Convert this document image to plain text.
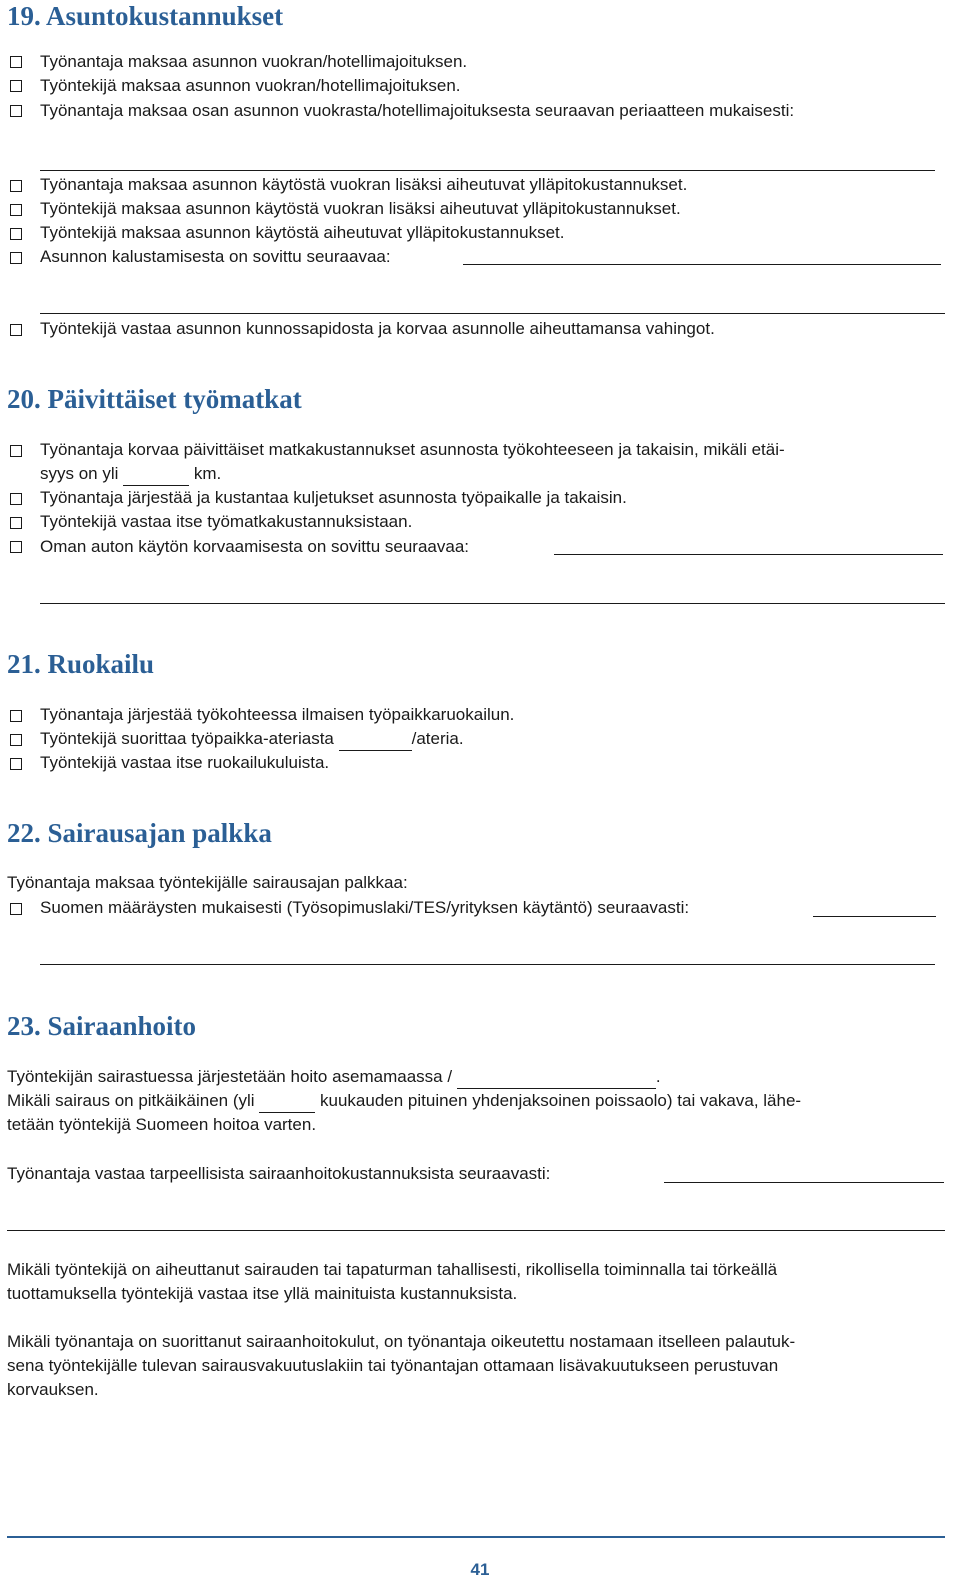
19. Asuntokustannukset
Työnantaja maksaa asunnon vuokran/hotellimajoituksen.
Työntekijä maksaa asunnon vuokran/hotellimajoituksen.
Työnantaja maksaa osan asunnon vuokrasta/hotellimajoituksesta seuraavan periaatteen mukaisesti:
Työnantaja maksaa asunnon käytöstä vuokran lisäksi aiheutuvat ylläpitokustannukset.
Työntekijä maksaa asunnon käytöstä vuokran lisäksi aiheutuvat ylläpitokustannukset.
Työntekijä maksaa asunnon käytöstä aiheutuvat ylläpitokustannukset.
Asunnon kalustamisesta on sovittu seuraavaa:
Työntekijä vastaa asunnon kunnossapidosta ja korvaa asunnolle aiheuttamansa vahingot.
20. Päivittäiset työmatkat
Työnantaja korvaa päivittäiset matkakustannukset asunnosta työkohteeseen ja takaisin, mikäli etäi-
syys on yli	km.
Työnantaja järjestää ja kustantaa kuljetukset asunnosta työpaikalle ja takaisin.
Työntekijä vastaa itse työmatkakustannuksistaan.
Oman auton käytön korvaamisesta on sovittu seuraavaa:
21. Ruokailu
Työnantaja järjestää työkohteessa ilmaisen työpaikkaruokailun.
Työntekijä suorittaa työpaikka-ateriasta	/ateria.
Työntekijä vastaa itse ruokailukuluista.
22. Sairausajan palkka
Työnantaja maksaa työntekijälle sairausajan palkkaa:
Suomen määräysten mukaisesti (Työsopimuslaki/TES/yrityksen käytäntö) seuraavasti:
23. Sairaanhoito
Työntekijän sairastuessa järjestetään hoito asemamaassa /	.
Mikäli sairaus on pitkäikäinen (yli	kuukauden pituinen yhdenjaksoinen poissaolo) tai vakava, lähe-
tetään työntekijä Suomeen hoitoa varten.
Työnantaja vastaa tarpeellisista sairaanhoitokustannuksista seuraavasti:
Mikäli työntekijä on aiheuttanut sairauden tai tapaturman tahallisesti, rikollisella toiminnalla tai törkeällä
tuottamuksella työntekijä vastaa itse yllä mainituista kustannuksista.
Mikäli työnantaja on suorittanut sairaanhoitokulut, on työnantaja oikeutettu nostamaan itselleen palautuk-
sena työntekijälle tulevan sairausvakuutuslakiin tai työnantajan ottamaan lisävakuutukseen perustuvan
korvauksen.
41
